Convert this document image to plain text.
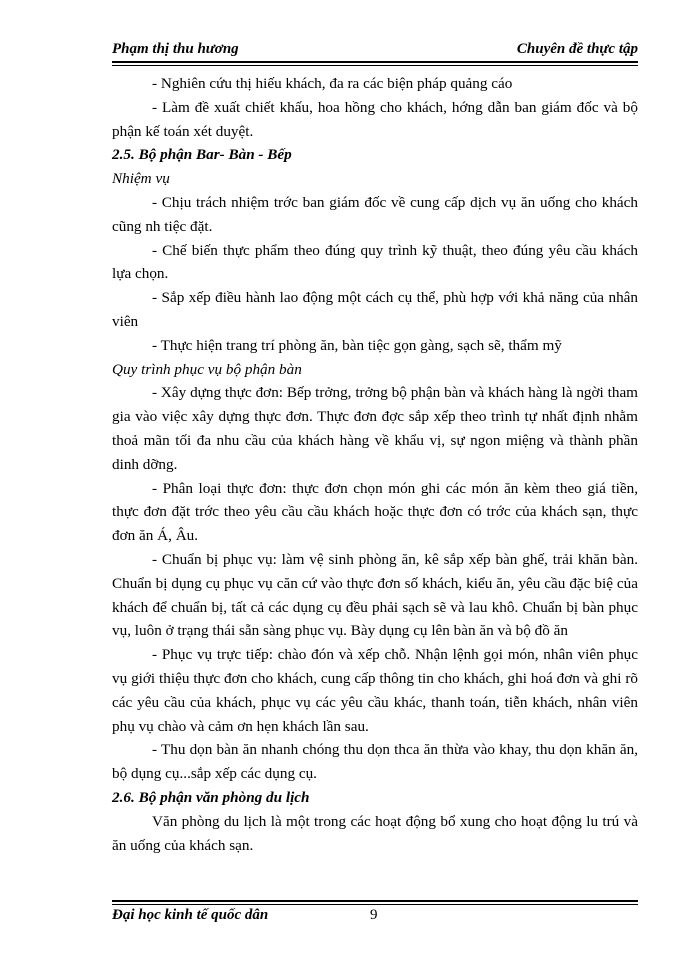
Phạm thị thu hương	Chuyên đề thực tập

- Nghiên cứu thị hiếu khách, đa ra các biện pháp quảng cáo

- Làm đề xuất chiết khấu, hoa hồng cho khách, hớng dẫn ban giám đốc và bộ phận kế toán xét duyệt.

2.5. Bộ phận Bar- Bàn - Bếp

Nhiệm vụ

- Chịu trách nhiệm trớc ban giám đốc về cung cấp dịch vụ ăn uống cho khách cũng nh tiệc đặt.

- Chế biến thực phẩm theo đúng quy trình kỹ thuật, theo đúng yêu cầu khách lựa chọn.

- Sắp xếp điều hành lao động một cách cụ thể, phù hợp với khả năng của nhân viên

- Thực hiện trang trí phòng ăn, bàn tiệc gọn gàng, sạch sẽ, thẩm mỹ

Quy trình phục vụ bộ phận bàn

- Xây dựng thực đơn: Bếp trởng, trởng bộ phận bàn và khách hàng là ngời tham gia vào việc xây dựng thực đơn. Thực đơn đợc sắp xếp theo trình tự nhất định nhằm thoả mãn tối đa nhu cầu của khách hàng về khẩu vị, sự ngon miệng và thành phần dinh dỡng.

- Phân loại thực đơn: thực đơn chọn món ghi các món ăn kèm theo giá tiền, thực đơn đặt trớc theo yêu cầu cầu khách hoặc thực đơn có trớc của khách sạn, thực đơn ăn Á, Âu.

- Chuẩn bị phục vụ: làm vệ sinh phòng ăn, kê sắp xếp bàn ghế, trải khăn bàn. Chuẩn bị dụng cụ phục vụ căn cứ vào thực đơn số khách, kiểu ăn, yêu cầu đặc biệ của khách để chuẩn bị, tất cả các dụng cụ đều phải sạch sẽ và lau khô. Chuẩn bị bàn phục vụ, luôn ở trạng thái sẵn sàng phục vụ. Bày dụng cụ lên bàn ăn và bộ đồ ăn

- Phục vụ trực tiếp: chào đón và xếp chỗ. Nhận lệnh gọi món, nhân viên phục vụ giới thiệu thực đơn cho khách, cung cấp thông tin cho khách, ghi hoá đơn và ghi rõ các yêu cầu của khách, phục vụ các yêu cầu khác, thanh toán, tiễn khách, nhân viên phụ vụ chào và cảm ơn hẹn khách lần sau.

- Thu dọn bàn ăn nhanh chóng thu dọn thca ăn thừa vào khay, thu dọn khăn ăn, bộ dụng cụ...sắp xếp các dụng cụ.

2.6. Bộ phận văn phòng du lịch

Văn phòng du lịch là một trong các hoạt động bổ xung cho hoạt động lu trú và ăn uống của khách sạn.

Đại học kinh tế quốc dân	9
